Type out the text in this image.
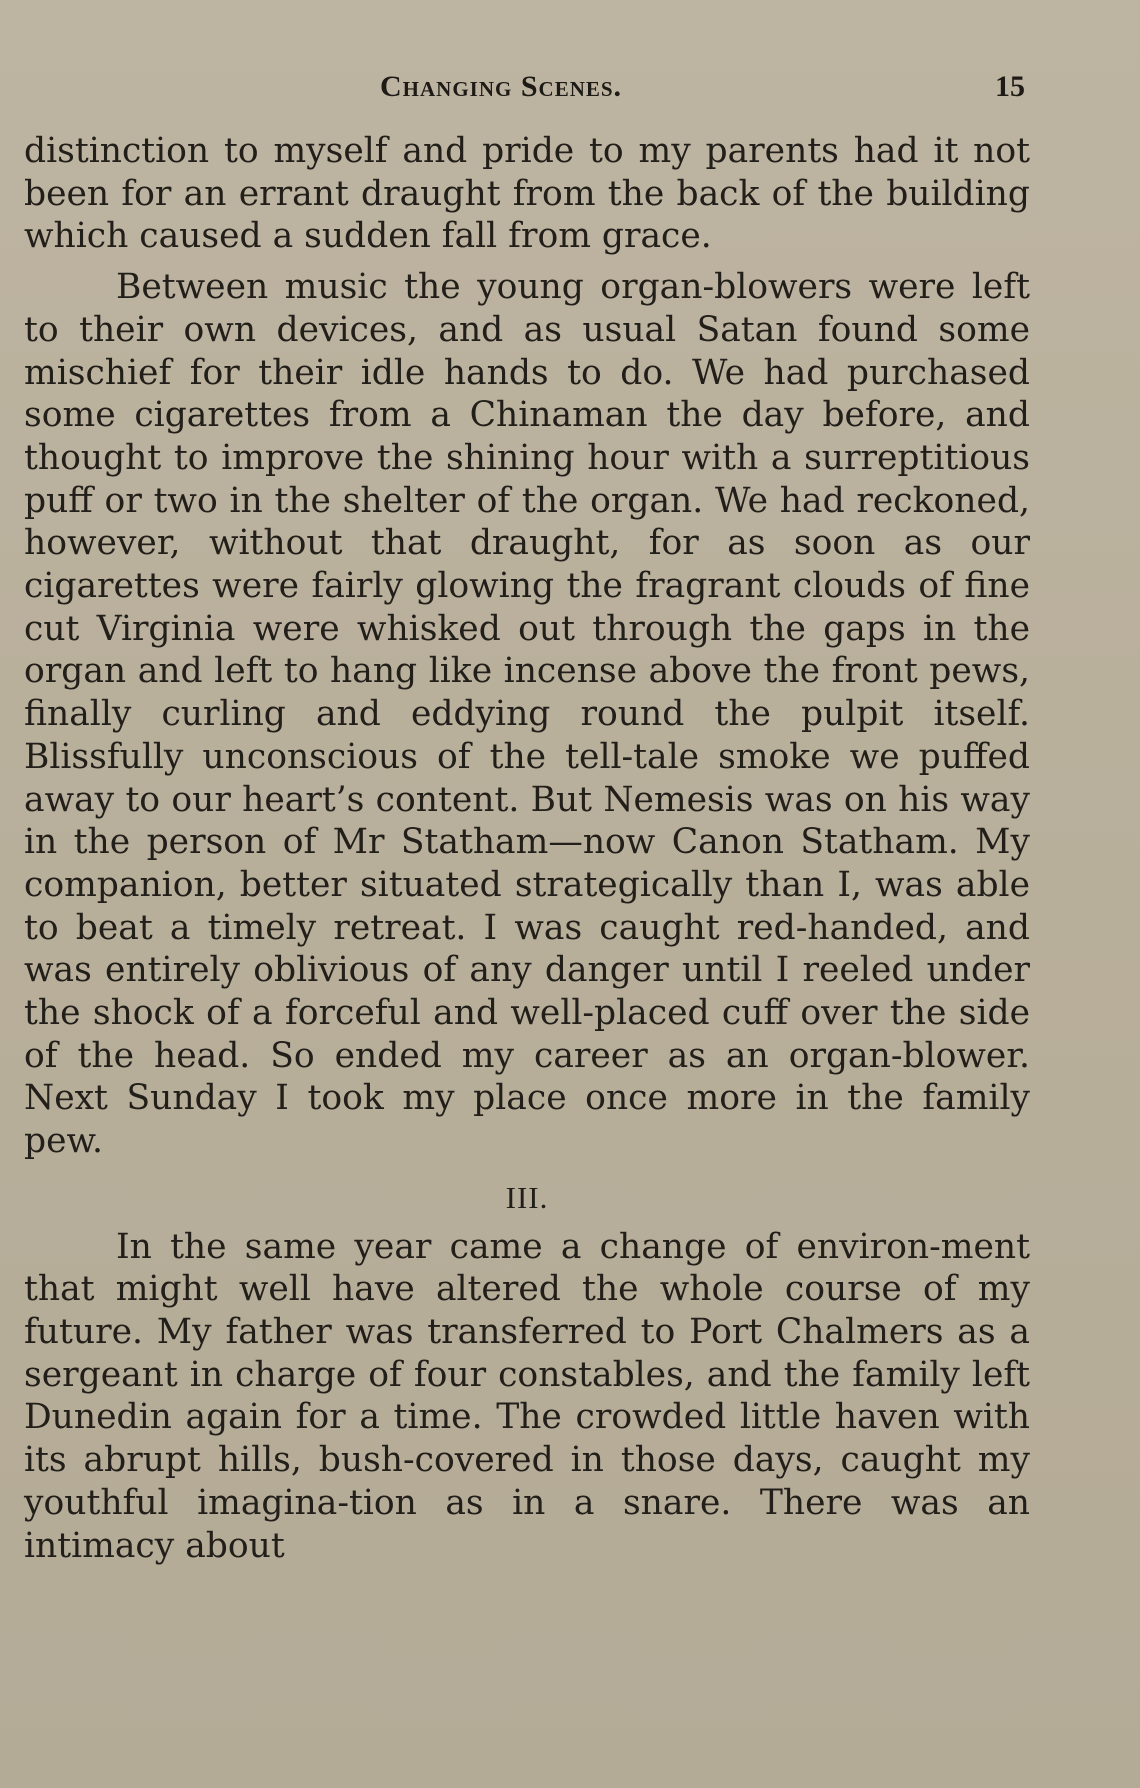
Changing Scenes.	15

distinction to myself and pride to my parents had it not been for an errant draught from the back of the building which caused a sudden fall from grace.

Between music the young organ-blowers were left to their own devices, and as usual Satan found some mischief for their idle hands to do. We had purchased some cigarettes from a Chinaman the day before, and thought to improve the shining hour with a surreptitious puff or two in the shelter of the organ. We had reckoned, however, without that draught, for as soon as our cigarettes were fairly glowing the fragrant clouds of fine cut Virginia were whisked out through the gaps in the organ and left to hang like incense above the front pews, finally curling and eddying round the pulpit itself. Blissfully unconscious of the tell-tale smoke we puffed away to our heart’s content. But Nemesis was on his way in the person of Mr Statham—now Canon Statham. My companion, better situated strategically than I, was able to beat a timely retreat. I was caught red-handed, and was entirely oblivious of any danger until I reeled under the shock of a forceful and well-placed cuff over the side of the head. So ended my career as an organ-blower. Next Sunday I took my place once more in the family pew.

III.

In the same year came a change of environ-ment that might well have altered the whole course of my future. My father was transferred to Port Chalmers as a sergeant in charge of four constables, and the family left Dunedin again for a time. The crowded little haven with its abrupt hills, bush-covered in those days, caught my youthful imagina-tion as in a snare. There was an intimacy about
